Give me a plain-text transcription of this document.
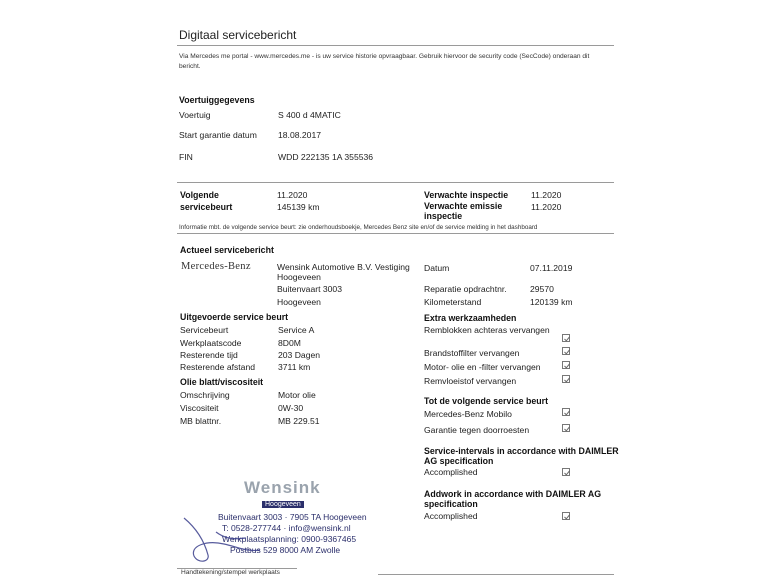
Digitaal servicebericht
Via Mercedes me portal - www.mercedes.me - is uw service historie opvraagbaar. Gebruik hiervoor de security code (SecCode) onderaan dit bericht.
Voertuiggegevens
Voertuig	S 400 d 4MATIC
Start garantie datum 18.08.2017
FIN	WDD 222135 1A 355536
Volgende
servicebeurt
11.2020
145139 km
Verwachte inspectie	11.2020
Verwachte emissie inspectie
11.2020
Informatie mbt. de volgende service beurt: zie onderhoudsboekje, Mercedes Benz site en/of de service melding in het dashboard
Actueel servicebericht
Mercedes-Benz	Wensink Automotive B.V. Vestiging Hoogeveen
Buitenvaart 3003
Hoogeveen
Datum	07.11.2019
Reparatie opdrachtnr.	29570
Kilometerstand	120139 km
Uitgevoerde service beurt
Servicebeurt	Service A
Werkplaatscode	8D0M
Resterende tijd	203 Dagen
Resterende afstand	3711 km
Olie blatt/viscositeit
Omschrijving	Motor olie
Viscositeit	0W-30
MB blattnr.	MB 229.51
Extra werkzaamheden
Remblokken achteras vervangen
Brandstoffilter vervangen
Motor- olie en -filter vervangen
Remvloeistof vervangen
Tot de volgende service beurt
Mercedes-Benz Mobilo
Garantie tegen doorroesten
Service-intervals in accordance with DAIMLER AG specification
Accomplished
Addwork in accordance with DAIMLER AG specification
Accomplished
Wensink
Hoogeveen
Buitenvaart 3003 · 7905 TA Hoogeveen
T: 0528-277744 · info@wensink.nl
Werkplaatsplanning: 0900-9367465
Postbus 529 8000 AM Zwolle
Handtekening/stempel werkplaats
